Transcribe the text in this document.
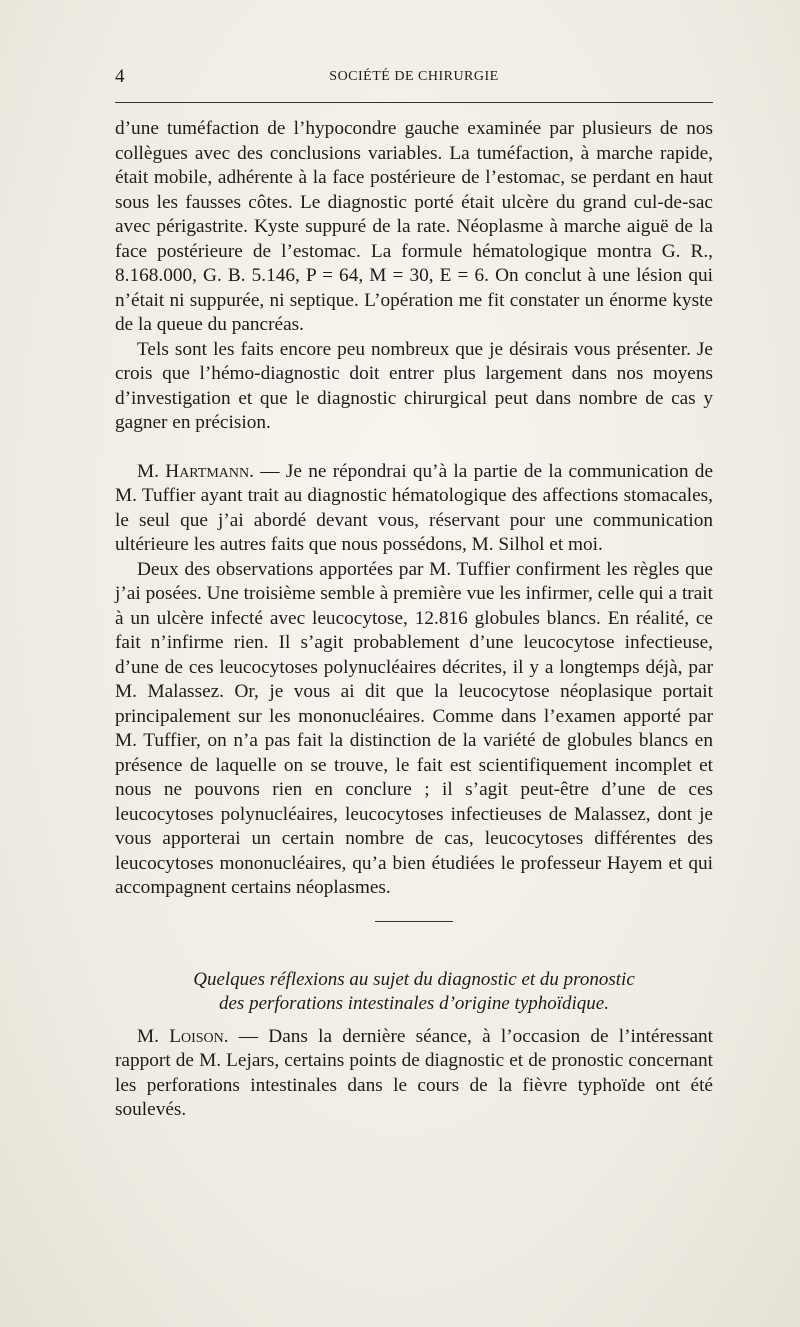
4	SOCIÉTÉ DE CHIRURGIE

d’une tuméfaction de l’hypocondre gauche examinée par plusieurs de nos collègues avec des conclusions variables. La tuméfaction, à marche rapide, était mobile, adhérente à la face postérieure de l’estomac, se perdant en haut sous les fausses côtes. Le diagnostic porté était ulcère du grand cul-de-sac avec périgastrite. Kyste suppuré de la rate. Néoplasme à marche aiguë de la face postérieure de l’estomac. La formule hématologique montra G. R., 8.168.000, G. B. 5.146, P = 64, M = 30, E = 6. On conclut à une lésion qui n’était ni suppurée, ni septique. L’opération me fit constater un énorme kyste de la queue du pancréas.

Tels sont les faits encore peu nombreux que je désirais vous présenter. Je crois que l’hémo-diagnostic doit entrer plus largement dans nos moyens d’investigation et que le diagnostic chirurgical peut dans nombre de cas y gagner en précision.

M. Hartmann. — Je ne répondrai qu’à la partie de la communication de M. Tuffier ayant trait au diagnostic hématologique des affections stomacales, le seul que j’ai abordé devant vous, réservant pour une communication ultérieure les autres faits que nous possédons, M. Silhol et moi.

Deux des observations apportées par M. Tuffier confirment les règles que j’ai posées. Une troisième semble à première vue les infirmer, celle qui a trait à un ulcère infecté avec leucocytose, 12.816 globules blancs. En réalité, ce fait n’infirme rien. Il s’agit probablement d’une leucocytose infectieuse, d’une de ces leucocytoses polynucléaires décrites, il y a longtemps déjà, par M. Malassez. Or, je vous ai dit que la leucocytose néoplasique portait principalement sur les mononucléaires. Comme dans l’examen apporté par M. Tuffier, on n’a pas fait la distinction de la variété de globules blancs en présence de laquelle on se trouve, le fait est scientifiquement incomplet et nous ne pouvons rien en conclure ; il s’agit peut-être d’une de ces leucocytoses polynucléaires, leucocytoses infectieuses de Malassez, dont je vous apporterai un certain nombre de cas, leucocytoses différentes des leucocytoses mononucléaires, qu’a bien étudiées le professeur Hayem et qui accompagnent certains néoplasmes.

Quelques réflexions au sujet du diagnostic et du pronostic
des perforations intestinales d’origine typhoïdique.

M. Loison. — Dans la dernière séance, à l’occasion de l’intéressant rapport de M. Lejars, certains points de diagnostic et de pronostic concernant les perforations intestinales dans le cours de la fièvre typhoïde ont été soulevés.
